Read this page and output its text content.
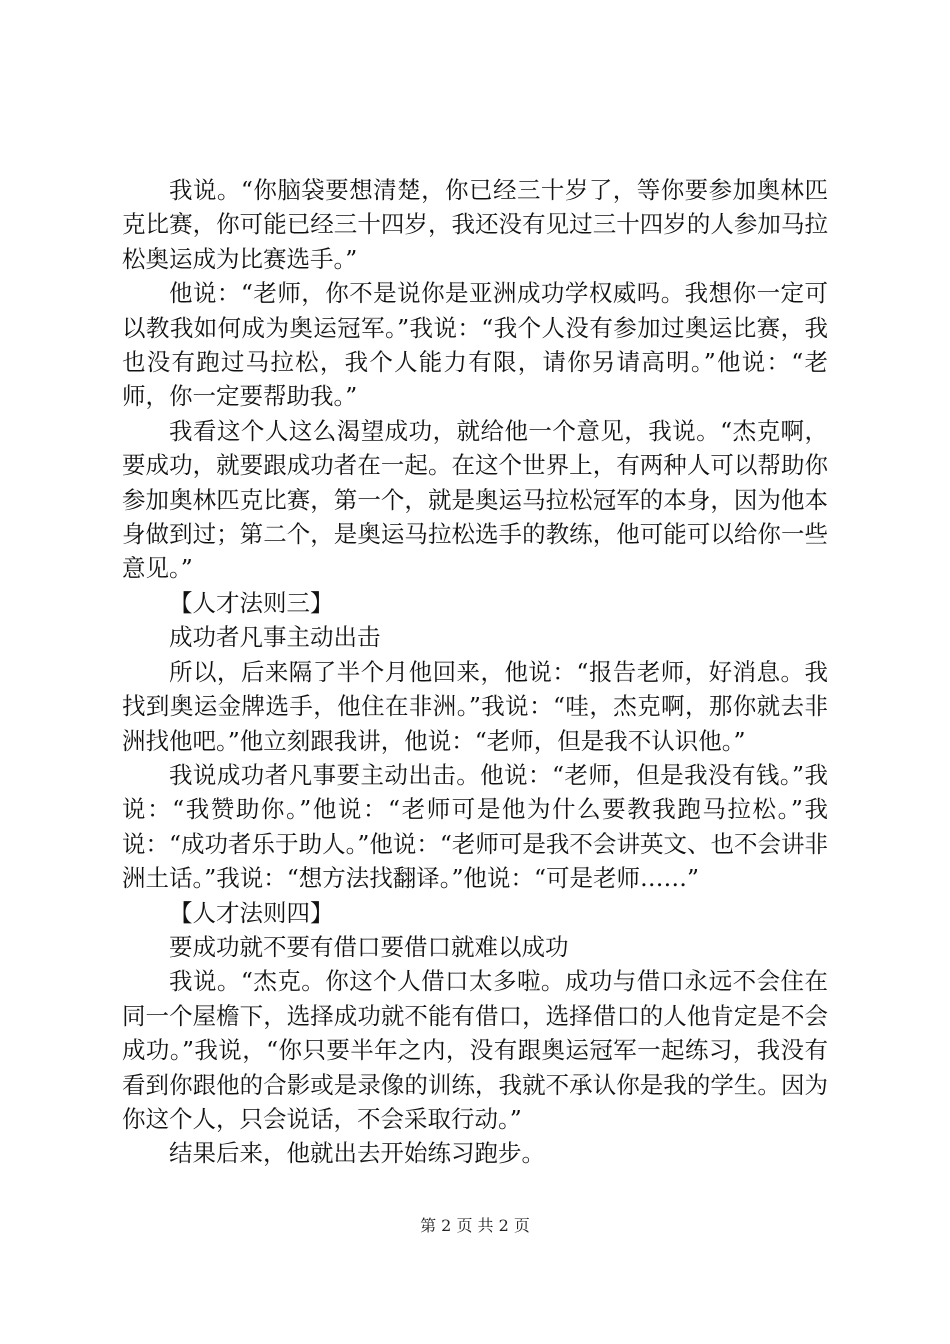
我说。“你脑袋要想清楚，你已经三十岁了，等你要参加奥林匹克比赛，你可能已经三十四岁，我还没有见过三十四岁的人参加马拉松奥运成为比赛选手。”

他说：“老师，你不是说你是亚洲成功学权威吗。我想你一定可以教我如何成为奥运冠军。”我说：“我个人没有参加过奥运比赛，我也没有跑过马拉松，我个人能力有限，请你另请高明。”他说：“老师，你一定要帮助我。”

我看这个人这么渴望成功，就给他一个意见，我说。“杰克啊，要成功，就要跟成功者在一起。在这个世界上，有两种人可以帮助你参加奥林匹克比赛，第一个，就是奥运马拉松冠军的本身，因为他本身做到过；第二个，是奥运马拉松选手的教练，他可能可以给你一些意见。”

【人才法则三】

成功者凡事主动出击

所以，后来隔了半个月他回来，他说：“报告老师，好消息。我找到奥运金牌选手，他住在非洲。”我说：“哇，杰克啊，那你就去非洲找他吧。”他立刻跟我讲，他说：“老师，但是我不认识他。”

我说成功者凡事要主动出击。他说：“老师，但是我没有钱。”我说：“我赞助你。”他说：“老师可是他为什么要教我跑马拉松。”我说：“成功者乐于助人。”他说：“老师可是我不会讲英文、也不会讲非洲土话。”我说：“想方法找翻译。”他说：“可是老师……”

【人才法则四】

要成功就不要有借口要借口就难以成功

我说。“杰克。你这个人借口太多啦。成功与借口永远不会住在同一个屋檐下，选择成功就不能有借口，选择借口的人他肯定是不会成功。”我说，“你只要半年之内，没有跟奥运冠军一起练习，我没有看到你跟他的合影或是录像的训练，我就不承认你是我的学生。因为你这个人，只会说话，不会采取行动。”

结果后来，他就出去开始练习跑步。

第 2 页 共 2 页
